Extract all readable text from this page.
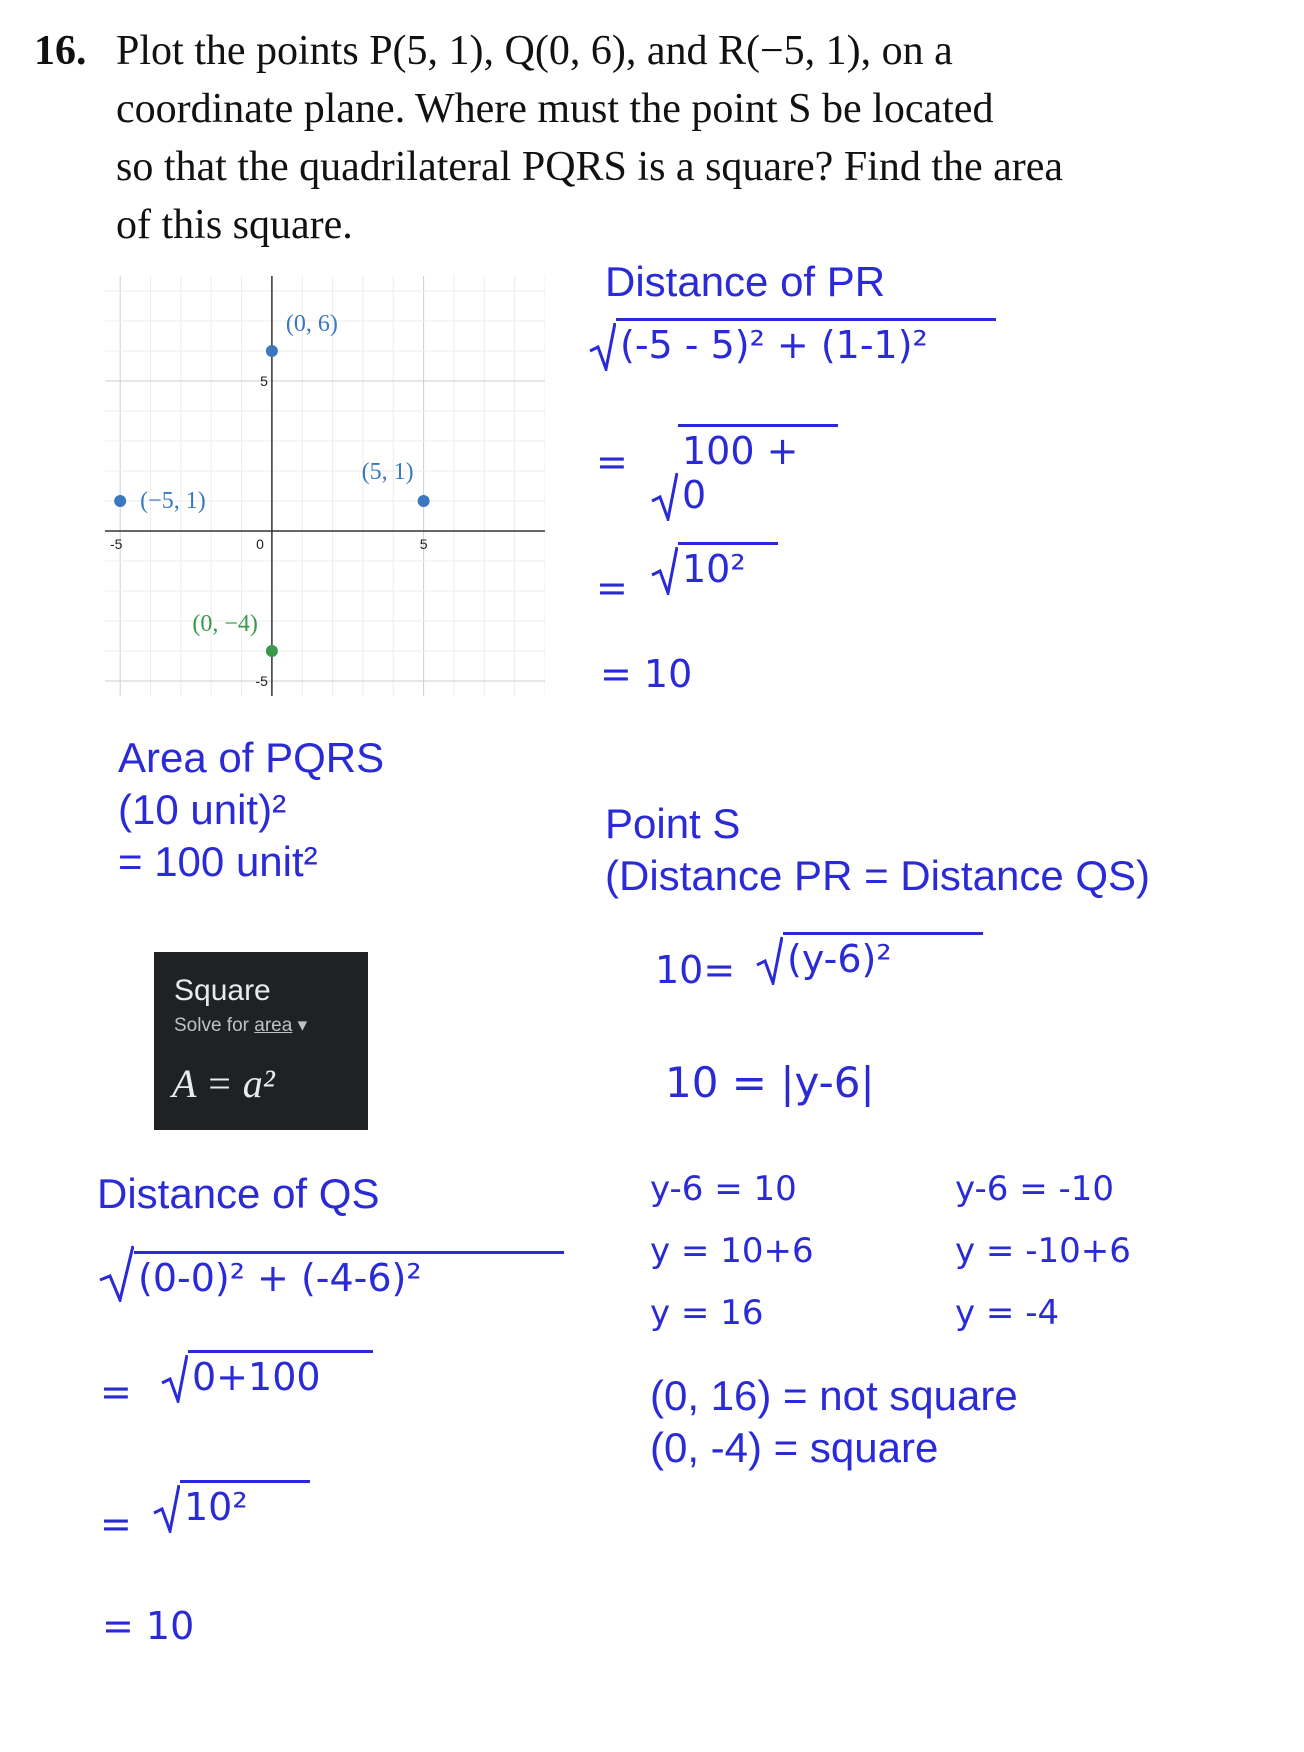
16. Plot the points P(5, 1), Q(0, 6), and R(−5, 1), on a
coordinate plane. Where must the point S be located
so that the quadrilateral PQRS is a square? Find the area
of this square.
-5	0	5
5
-5
(0, 6)
(5, 1)
(−5, 1)
(0, −4)
Distance of PR
(-5 - 5)² + (1-1)²
= 100 + 0
= 10²
= 10
Area of PQRS
(10 unit)²
= 100 unit²
Point S
(Distance PR = Distance QS)
Square
Solve for area ▾
A = a²
10= (y-6)²
10 = |y-6|
y-6 = 10
y = 10+6
y = 16
y-6 = -10
y = -10+6
y = -4
(0, 16) = not square
(0, -4) = square
Distance of QS
(0-0)² + (-4-6)²
= 0+100
= 10²
= 10
